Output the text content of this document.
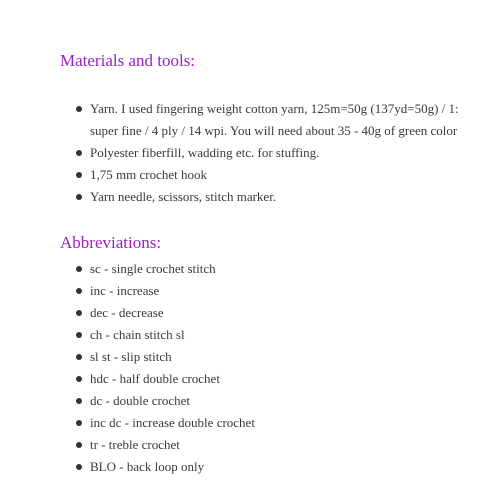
Materials and tools:
Yarn. I used fingering weight cotton yarn, 125m=50g (137yd=50g) / 1: super fine / 4 ply / 14 wpi. You will need about 35 - 40g of green color
Polyester fiberfill, wadding etc. for stuffing.
1,75 mm crochet hook
Yarn needle, scissors, stitch marker.
Abbreviations:
sc - single crochet stitch
inc - increase
dec - decrease
ch - chain stitch sl
sl st - slip stitch
hdc - half double crochet
dc - double crochet
inc dc - increase double crochet
tr - treble crochet
BLO - back loop only
